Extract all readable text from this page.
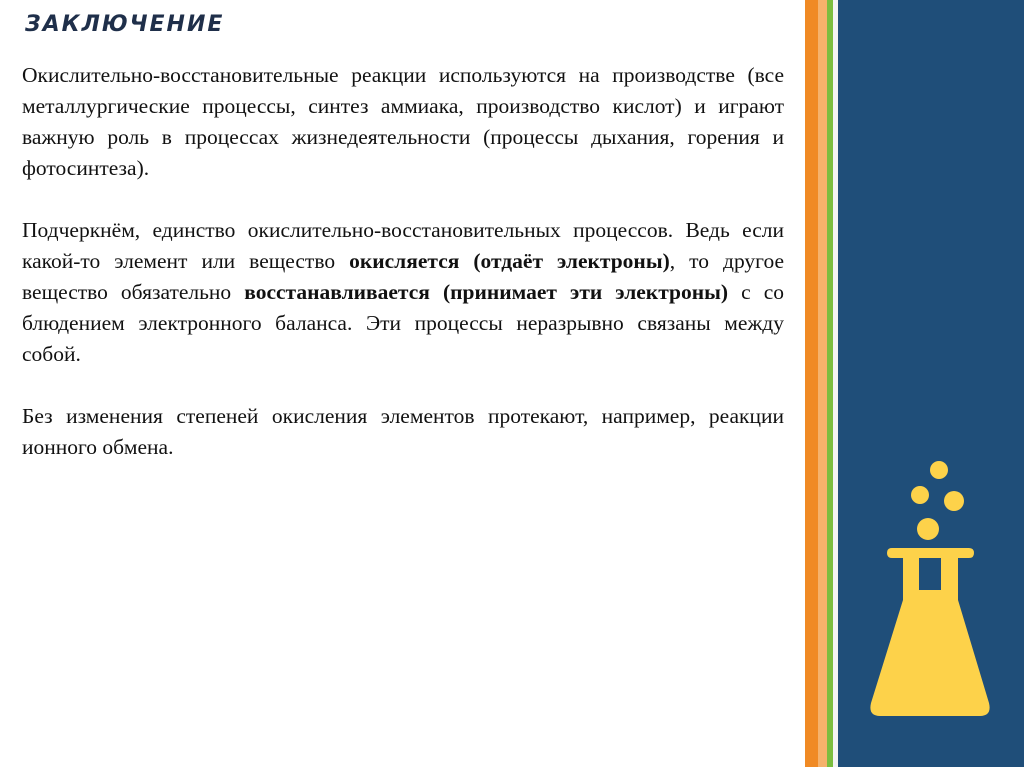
ЗАКЛЮЧЕНИЕ

Окислительно-восстановительные реакции используются на производстве (все металлургические процессы, синтез аммиака, производство кислот) и играют важную роль в процессах жизнедеятельности (процессы дыхания, горения и фотосинтеза).

Подчеркнём, единство окислительно-восстановительных процессов. Ведь если какой-то элемент или вещество окисляется (отдаёт электроны), то другое вещество обязательно восстанавливается (принимает эти электроны) с со блюдением электронного баланса. Эти процессы неразрывно связаны между собой.

Без изменения степеней окисления элементов протекают, например, реакции ионного обмена.
